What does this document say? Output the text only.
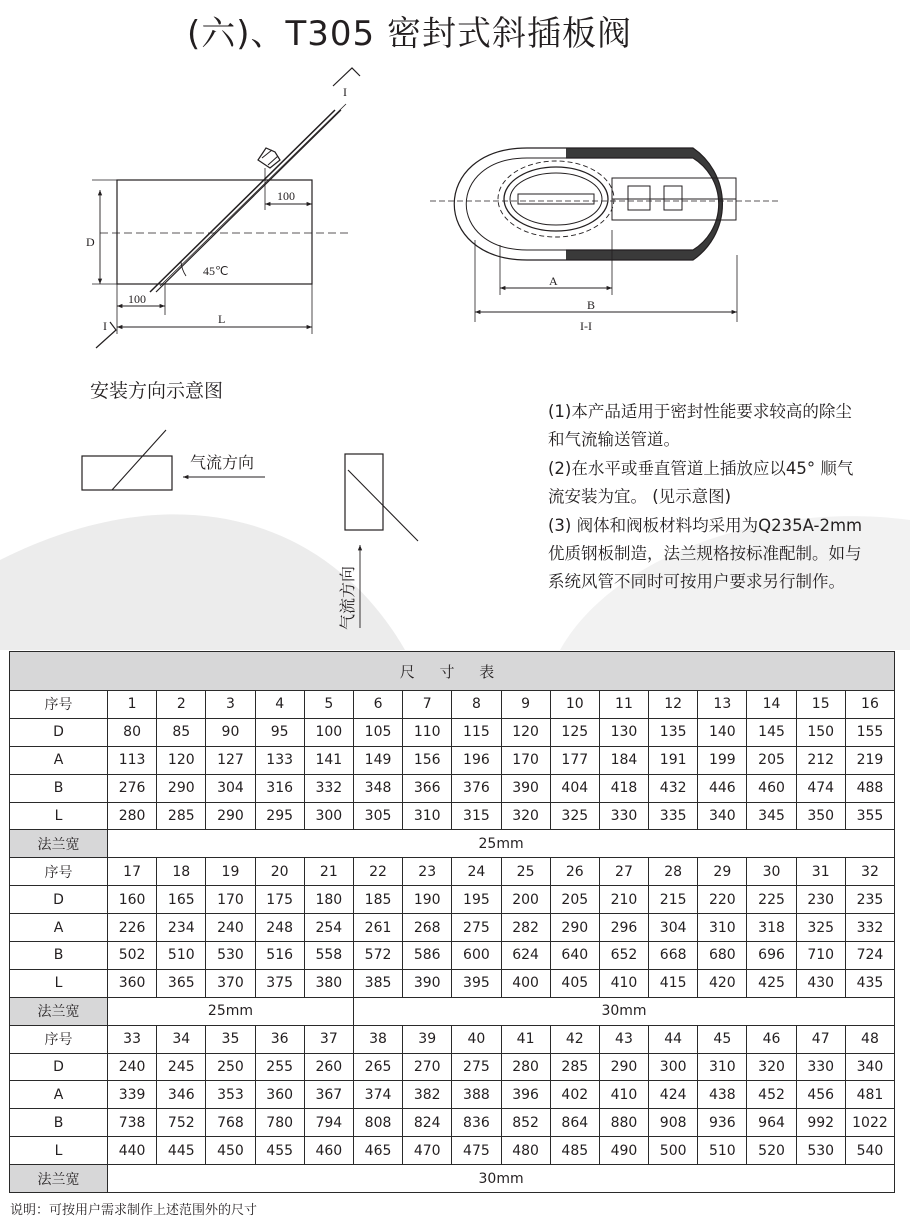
(六)、T305 密封式斜插板阀
I
I
D
100
45℃
100
L
A
B
I-I
气流方向
气流方向
安装方向示意图
(1)本产品适用于密封性能要求较高的除尘
和气流输送管道。
(2)在水平或垂直管道上插放应以45° 顺气
流安装为宜。 (见示意图)
(3) 阀体和阀板材料均采用为Q235A-2mm
优质钢板制造，法兰规格按标准配制。如与
系统风管不同时可按用户要求另行制作。
尺 寸 表																
序号	1	2	3	4	5	6	7	8	9	10	11	12	13	14	15	16
D	80	85	90	95	100	105	110	115	120	125	130	135	140	145	150	155
A	113	120	127	133	141	149	156	196	170	177	184	191	199	205	212	219
B	276	290	304	316	332	348	366	376	390	404	418	432	446	460	474	488
L	280	285	290	295	300	305	310	315	320	325	330	335	340	345	350	355
法兰宽	25mm															
序号	17	18	19	20	21	22	23	24	25	26	27	28	29	30	31	32
D	160	165	170	175	180	185	190	195	200	205	210	215	220	225	230	235
A	226	234	240	248	254	261	268	275	282	290	296	304	310	318	325	332
B	502	510	530	516	558	572	586	600	624	640	652	668	680	696	710	724
L	360	365	370	375	380	385	390	395	400	405	410	415	420	425	430	435
法兰宽	25mm					30mm										
序号	33	34	35	36	37	38	39	40	41	42	43	44	45	46	47	48
D	240	245	250	255	260	265	270	275	280	285	290	300	310	320	330	340
A	339	346	353	360	367	374	382	388	396	402	410	424	438	452	456	481
B	738	752	768	780	794	808	824	836	852	864	880	908	936	964	992	1022
L	440	445	450	455	460	465	470	475	480	485	490	500	510	520	530	540
法兰宽	30mm															
说明：可按用户需求制作上述范围外的尺寸
